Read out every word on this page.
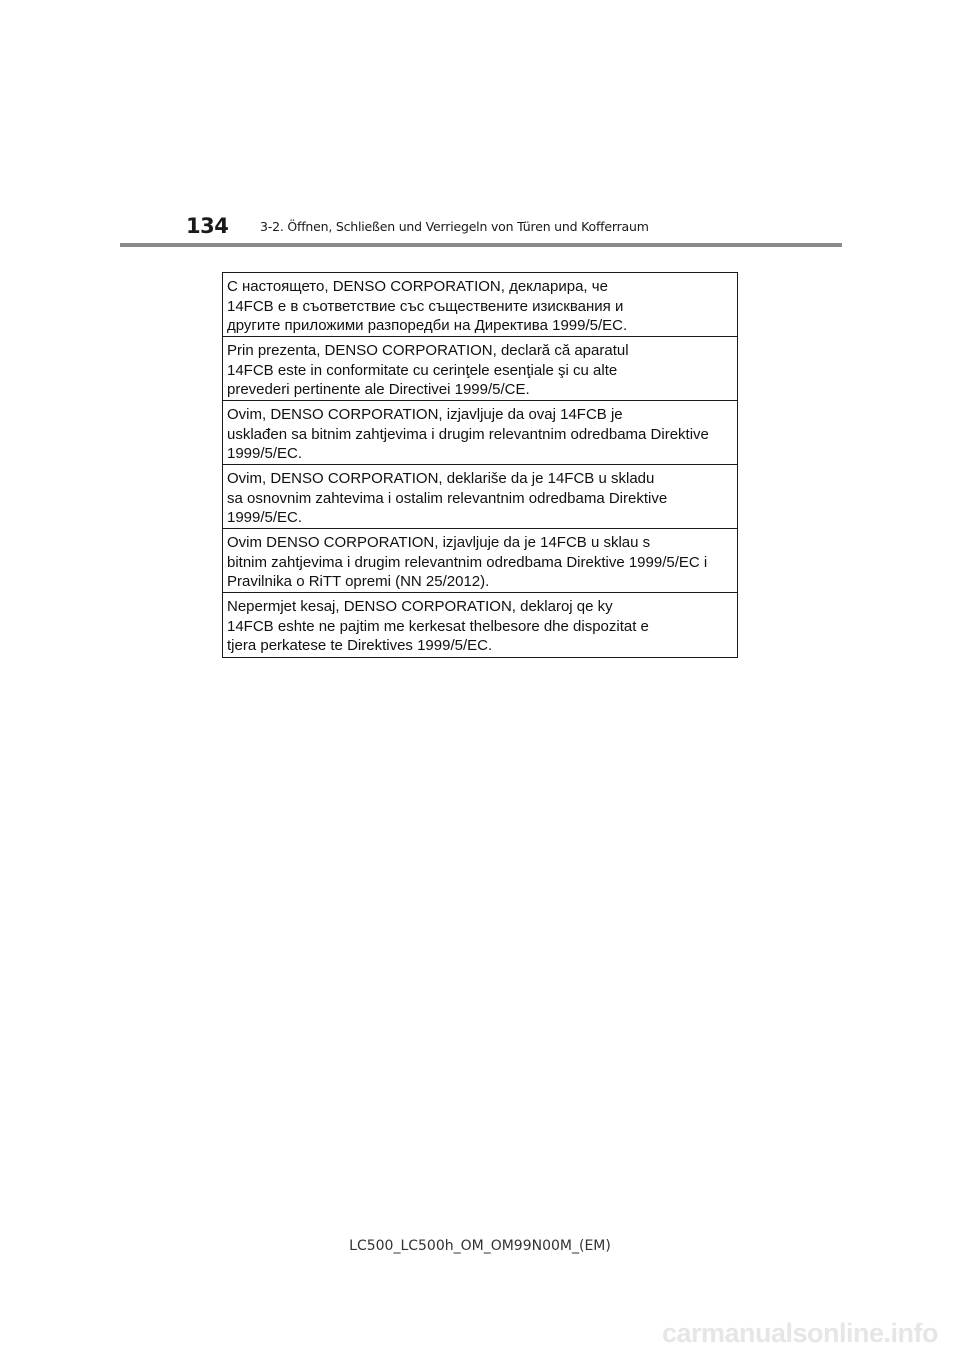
134	3-2. Öffnen, Schließen und Verriegeln von Türen und Kofferraum
С настоящето, DENSO CORPORATION, декларира, че
14FCB е в съответствие със съществените изисквания и
другите приложими разпоредби на Директива 1999/5/ЕС.
Prin prezenta, DENSO CORPORATION, declară că aparatul
14FCB este in conformitate cu cerinţele esenţiale şi cu alte
prevederi pertinente ale Directivei 1999/5/CE.
Ovim, DENSO CORPORATION, izjavljuje da ovaj 14FCB je
usklađen sa bitnim zahtjevima i drugim relevantnim odredbama Direktive
1999/5/EC.
Ovim, DENSO CORPORATION, deklariše da je 14FCB u skladu
sa osnovnim zahtevima i ostalim relevantnim odredbama Direktive
1999/5/EC.
Ovim DENSO CORPORATION, izjavljuje da je 14FCB u sklau s
bitnim zahtjevima i drugim relevantnim odredbama Direktive 1999/5/EC i
Pravilnika o RiTT opremi (NN 25/2012).
Nepermjet kesaj, DENSO CORPORATION, deklaroj qe ky
14FCB eshte ne pajtim me kerkesat thelbesore dhe dispozitat e
tjera perkatese te Direktives 1999/5/EC.
LC500_LC500h_OM_OM99N00M_(EM)
carmanualsonline.info
